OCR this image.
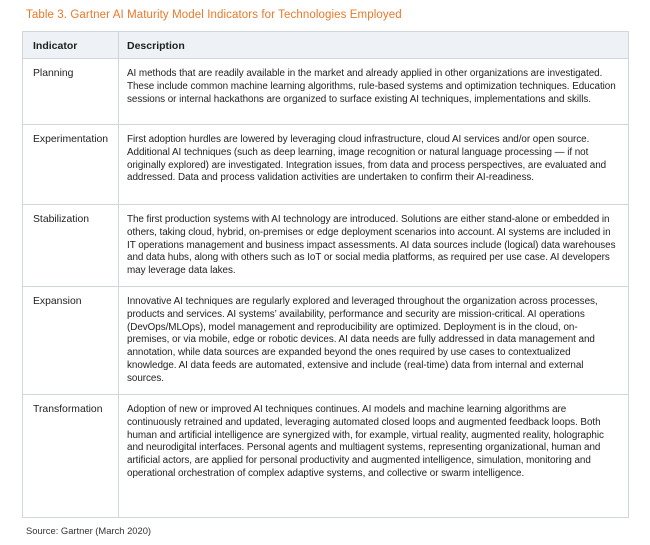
Table 3. Gartner AI Maturity Model Indicators for Technologies Employed
Indicator	Description
Planning	AI methods that are readily available in the market and already applied in other organizations are investigated. These include common machine learning algorithms, rule-based systems and optimization techniques. Education sessions or internal hackathons are organized to surface existing AI techniques, implementations and skills.
Experimentation	First adoption hurdles are lowered by leveraging cloud infrastructure, cloud AI services and/or open source. Additional AI techniques (such as deep learning, image recognition or natural language processing — if not originally explored) are investigated. Integration issues, from data and process perspectives, are evaluated and addressed. Data and process validation activities are undertaken to confirm their AI-readiness.
Stabilization	The first production systems with AI technology are introduced. Solutions are either stand-alone or embedded in others, taking cloud, hybrid, on-premises or edge deployment scenarios into account. AI systems are included in IT operations management and business impact assessments. AI data sources include (logical) data warehouses and data hubs, along with others such as IoT or social media platforms, as required per use case. AI developers may leverage data lakes.
Expansion	Innovative AI techniques are regularly explored and leveraged throughout the organization across processes, products and services. AI systems’ availability, performance and security are mission-critical. AI operations (DevOps/MLOps), model management and reproducibility are optimized. Deployment is in the cloud, on-premises, or via mobile, edge or robotic devices. AI data needs are fully addressed in data management and annotation, while data sources are expanded beyond the ones required by use cases to contextualized knowledge. AI data feeds are automated, extensive and include (real-time) data from internal and external sources.
Transformation	Adoption of new or improved AI techniques continues. AI models and machine learning algorithms are continuously retrained and updated, leveraging automated closed loops and augmented feedback loops. Both human and artificial intelligence are synergized with, for example, virtual reality, augmented reality, holographic and neurodigital interfaces. Personal agents and multiagent systems, representing organizational, human and artificial actors, are applied for personal productivity and augmented intelligence, simulation, monitoring and operational orchestration of complex adaptive systems, and collective or swarm intelligence.
Source: Gartner (March 2020)
